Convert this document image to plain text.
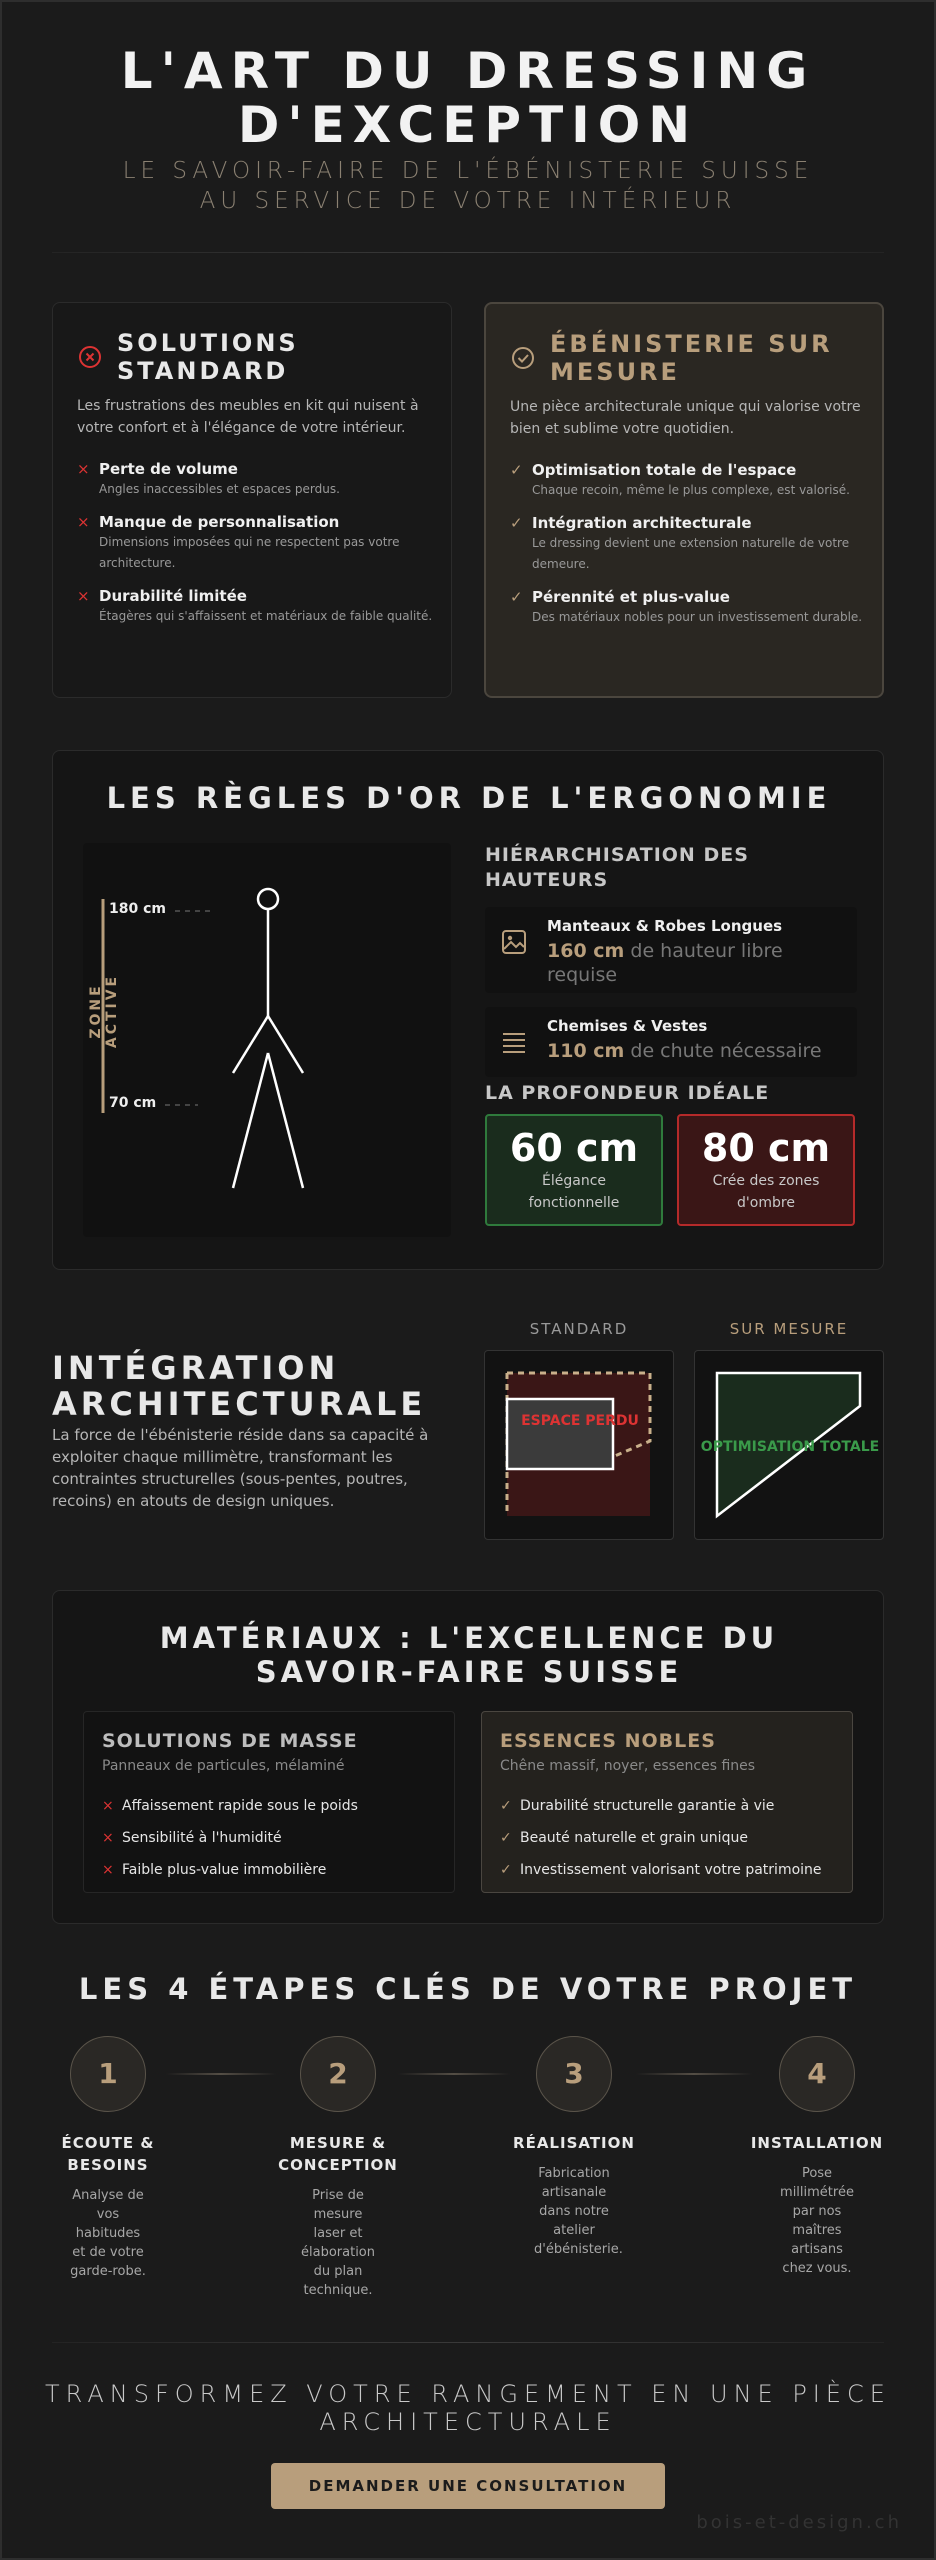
L'ART DU DRESSING
D'EXCEPTION
LE SAVOIR-FAIRE DE L'ÉBÉNISTERIE SUISSE
AU SERVICE DE VOTRE INTÉRIEUR
SOLUTIONS
STANDARD
Les frustrations des meubles en kit qui nuisent à votre confort et à l'élégance de votre intérieur.
× Perte de volume
Angles inaccessibles et espaces perdus.
× Manque de personnalisation
Dimensions imposées qui ne respectent pas votre architecture.
× Durabilité limitée
Étagères qui s'affaissent et matériaux de faible qualité.
ÉBÉNISTERIE SUR
MESURE
Une pièce architecturale unique qui valorise votre bien et sublime votre quotidien.
✓ Optimisation totale de l'espace
Chaque recoin, même le plus complexe, est valorisé.
✓ Intégration architecturale
Le dressing devient une extension naturelle de votre demeure.
✓ Pérennité et plus-value
Des matériaux nobles pour un investissement durable.
LES RÈGLES D'OR DE L'ERGONOMIE
180 cm
70 cm
ZONE ACTIVE
HIÉRARCHISATION DES
HAUTEURS
Manteaux & Robes Longues
160 cm de hauteur libre requise
Chemises & Vestes
110 cm de chute nécessaire
LA PROFONDEUR IDÉALE
60 cm
Élégance
fonctionnelle
80 cm
Crée des zones
d'ombre
INTÉGRATION
ARCHITECTURALE

La force de l'ébénisterie réside dans sa capacité à exploiter chaque millimètre, transformant les contraintes structurelles (sous-pentes, poutres, recoins) en atouts de design uniques.

STANDARD	SUR MESURE
ESPACE PERDU
OPTIMISATION TOTALE
MATÉRIAUX : L'EXCELLENCE DU
SAVOIR-FAIRE SUISSE
SOLUTIONS DE MASSE
Panneaux de particules, mélaminé
× Affaissement rapide sous le poids
× Sensibilité à l'humidité
× Faible plus-value immobilière
ESSENCES NOBLES
Chêne massif, noyer, essences fines
✓ Durabilité structurelle garantie à vie
✓ Beauté naturelle et grain unique
✓ Investissement valorisant votre patrimoine
LES 4 ÉTAPES CLÉS DE VOTRE PROJET
1
ÉCOUTE & BESOINS
Analyse de vos habitudes et de votre garde-robe.
2
MESURE & CONCEPTION
Prise de mesure laser et élaboration du plan technique.
3
RÉALISATION
Fabrication artisanale dans notre atelier d'ébénisterie.
4
INSTALLATION
Pose millimétrée par nos maîtres artisans chez vous.
TRANSFORMEZ VOTRE RANGEMENT EN UNE PIÈCE
ARCHITECTURALE
DEMANDER UNE CONSULTATION
bois-et-design.ch
